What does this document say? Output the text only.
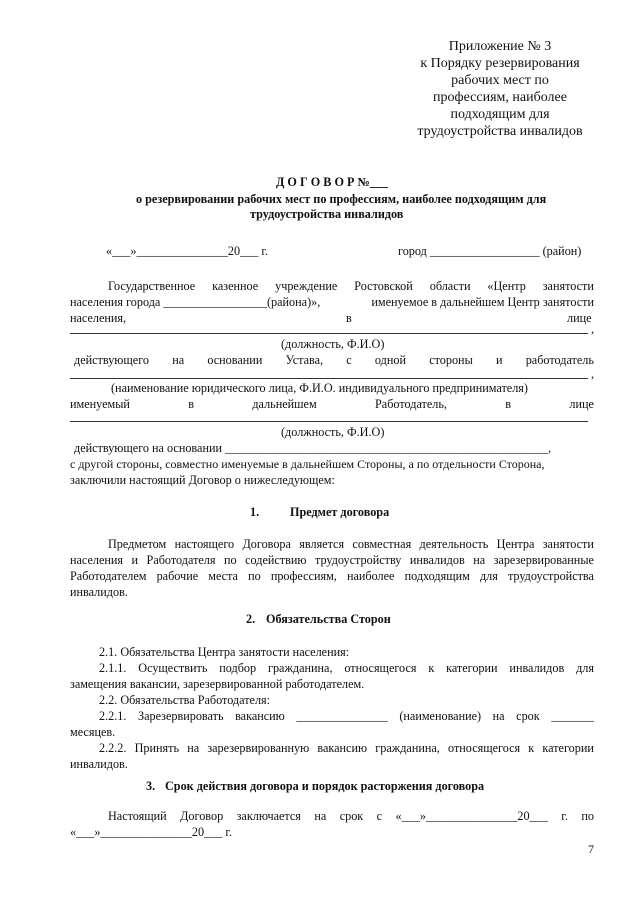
Приложение № 3
к Порядку резервирования
рабочих мест по
профессиям, наиболее
подходящим для
трудоустройства инвалидов
Д О Г О В О Р №___
о резервировании рабочих мест по профессиям, наиболее подходящим для
трудоустройства инвалидов
«___»_______________20___ г.	город __________________ (район)
Государственное казенное учреждение Ростовской области «Центр занятости
населения города _________________(района)»,	именуемое в дальнейшем Центр занятости
населения,	в	лице
,
(должность, Ф.И.О)
действующего на основании Устава, с одной стороны и работодатель
,
(наименование юридического лица, Ф.И.О. индивидуального предпринимателя)
именуемый	в	дальнейшем	Работодатель,	в	лице
(должность, Ф.И.О)
действующего на основании _____________________________________________________,
с другой стороны, совместно именуемые в дальнейшем Стороны, а по отдельности Сторона,
заключили настоящий Договор о нижеследующем:
1.	Предмет договора
Предметом настоящего Договора является совместная деятельность Центра занятости
населения и Работодателя по содействию трудоустройству инвалидов на зарезервированные
Работодателем рабочие места по профессиям, наиболее подходящим для трудоустройства
инвалидов.
2. Обязательства Сторон
2.1. Обязательства Центра занятости населения:
2.1.1. Осуществить подбор гражданина, относящегося к категории инвалидов для
замещения вакансии, зарезервированной работодателем.
2.2. Обязательства Работодателя:
2.2.1. Зарезервировать вакансию _______________ (наименование) на срок _______
месяцев.
2.2.2. Принять на зарезервированную вакансию гражданина, относящегося к категории
инвалидов.
3. Срок действия договора и порядок расторжения договора
Настоящий Договор заключается на срок с «___»_______________20___ г. по
«___»_______________20___ г.
7
